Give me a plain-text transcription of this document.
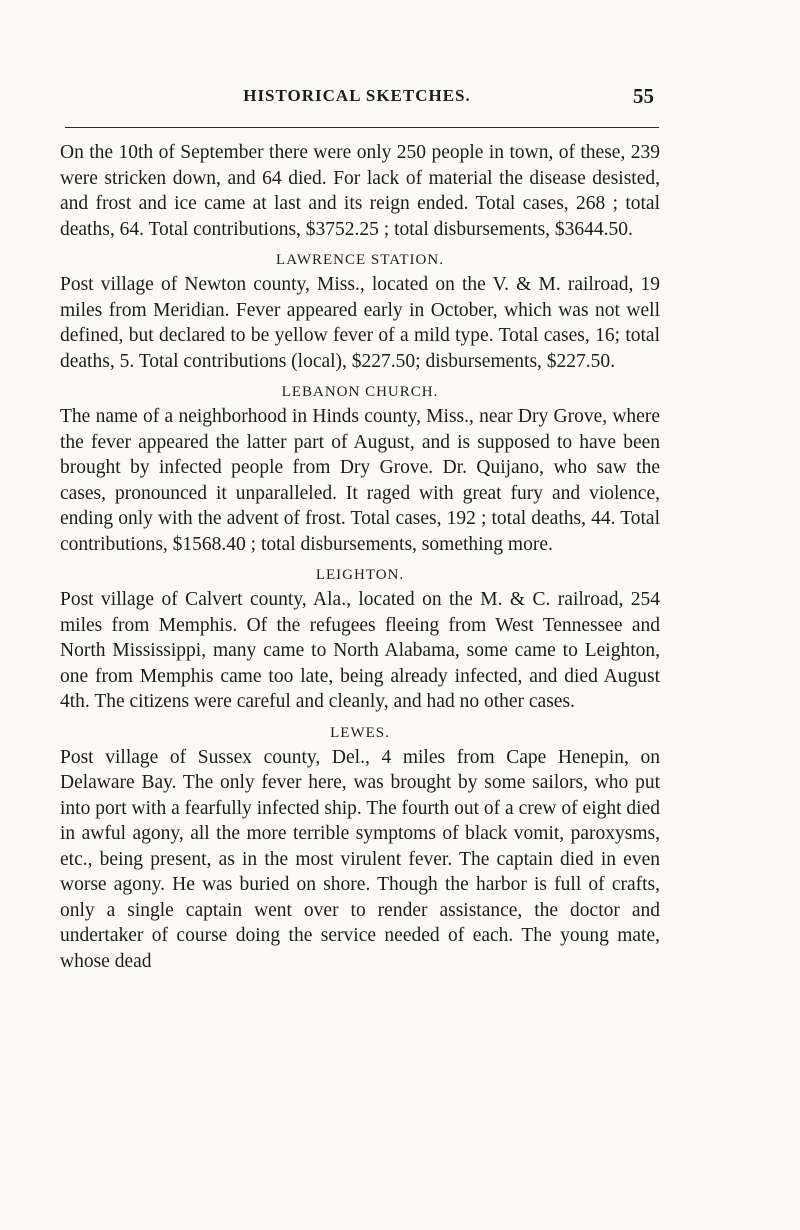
HISTORICAL SKETCHES.	55

On the 10th of September there were only 250 people in town, of these, 239 were stricken down, and 64 died. For lack of material the disease desisted, and frost and ice came at last and its reign ended. Total cases, 268 ; total deaths, 64. Total contributions, $3752.25 ; total disbursements, $3644.50.

LAWRENCE STATION.

Post village of Newton county, Miss., located on the V. & M. railroad, 19 miles from Meridian. Fever appeared early in October, which was not well defined, but declared to be yellow fever of a mild type. Total cases, 16; total deaths, 5. Total contributions (local), $227.50; disbursements, $227.50.

LEBANON CHURCH.

The name of a neighborhood in Hinds county, Miss., near Dry Grove, where the fever appeared the latter part of August, and is supposed to have been brought by infected people from Dry Grove. Dr. Quijano, who saw the cases, pronounced it unparalleled. It raged with great fury and violence, ending only with the advent of frost. Total cases, 192 ; total deaths, 44. Total contributions, $1568.40 ; total disbursements, something more.

LEIGHTON.

Post village of Calvert county, Ala., located on the M. & C. railroad, 254 miles from Memphis. Of the refugees fleeing from West Tennessee and North Mississippi, many came to North Alabama, some came to Leighton, one from Memphis came too late, being already infected, and died August 4th. The citizens were careful and cleanly, and had no other cases.

LEWES.

Post village of Sussex county, Del., 4 miles from Cape Henepin, on Delaware Bay. The only fever here, was brought by some sailors, who put into port with a fearfully infected ship. The fourth out of a crew of eight died in awful agony, all the more terrible symptoms of black vomit, paroxysms, etc., being present, as in the most virulent fever. The captain died in even worse agony. He was buried on shore. Though the harbor is full of crafts, only a single captain went over to render assistance, the doctor and undertaker of course doing the service needed of each. The young mate, whose dead
